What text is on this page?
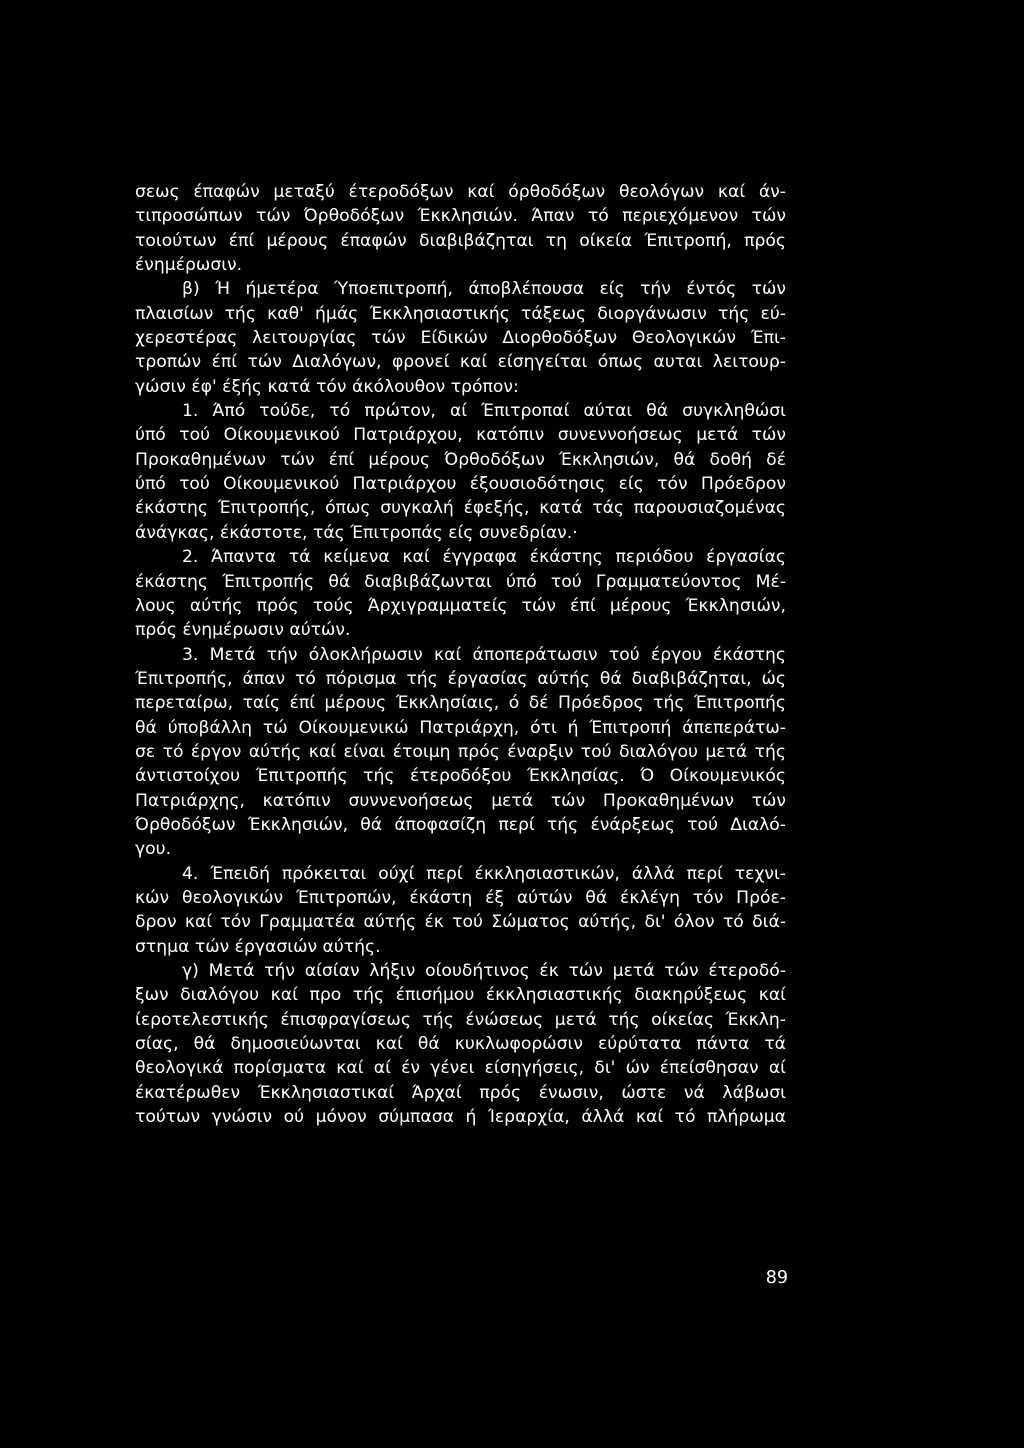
σεως έπαφών μεταξύ έτεροδόξων καί όρθοδόξων θεολόγων καί άν-
τιπροσώπων τών Όρθοδόξων Έκκλησιών. Άπαν τό περιεχόμενον τών
τοιούτων έπί μέρους έπαφών διαβιβάζηται τη οίκεία Έπιτροπή, πρός
ένημέρωσιν.
β) Ή ήμετέρα Ύποεπιτροπή, άποβλέπουσα είς τήν έντός τών
πλαισίων τής καθ' ήμάς Έκκλησιαστικής τάξεως διοργάνωσιν τής εύ-
χερεστέρας λειτουργίας τών Είδικών Διορθοδόξων Θεολογικών Έπι-
τροπών έπί τών Διαλόγων, φρονεί καί είσηγείται όπως αυται λειτουρ-
γώσιν έφ' έξής κατά τόν άκόλουθον τρόπον:
1. Άπό τούδε, τό πρώτον, αί Έπιτροπαί αύται θά συγκληθώσι
ύπό τού Οίκουμενικού Πατριάρχου, κατόπιν συνεννοήσεως μετά τών
Προκαθημένων τών έπί μέρους Όρθοδόξων Έκκλησιών, θά δοθή δέ
ύπό τού Οίκουμενικού Πατριάρχου έξουσιοδότησις είς τόν Πρόεδρον
έκάστης Έπιτροπής, όπως συγκαλή έφεξής, κατά τάς παρουσιαζομένας
άνάγκας, έκάστοτε, τάς Έπιτροπάς είς συνεδρίαν.·
2. Άπαντα τά κείμενα καί έγγραφα έκάστης περιόδου έργασίας
έκάστης Έπιτροπής θά διαβιβάζωνται ύπό τού Γραμματεύοντος Μέ-
λους αύτής πρός τούς Άρχιγραμματείς τών έπί μέρους Έκκλησιών,
πρός ένημέρωσιν αύτών.
3. Μετά τήν όλοκλήρωσιν καί άποπεράτωσιν τού έργου έκάστης
Έπιτροπής, άπαν τό πόρισμα τής έργασίας αύτής θά διαβιβάζηται, ώς
περεταίρω, ταίς έπί μέρους Έκκλησίαις, ό δέ Πρόεδρος τής Έπιτροπής
θά ύποβάλλη τώ Οίκουμενικώ Πατριάρχη, ότι ή Έπιτροπή άπεπεράτω-
σε τό έργον αύτής καί είναι έτοιμη πρός έναρξιν τού διαλόγου μετά τής
άντιστοίχου Έπιτροπής τής έτεροδόξου Έκκλησίας. Ό Οίκουμενικός
Πατριάρχης, κατόπιν συννενοήσεως μετά τών Προκαθημένων τών
Όρθοδόξων Έκκλησιών, θά άποφασίζη περί τής ένάρξεως τού Διαλό-
γου.
4. Έπειδή πρόκειται ούχί περί έκκλησιαστικών, άλλά περί τεχνι-
κών θεολογικών Έπιτροπών, έκάστη έξ αύτών θά έκλέγη τόν Πρόε-
δρον καί τόν Γραμματέα αύτής έκ τού Σώματος αύτής, δι' όλον τό διά-
στημα τών έργασιών αύτής.
γ) Μετά τήν αίσίαν λήξιν οίουδήτινος έκ τών μετά τών έτεροδό-
ξων διαλόγου καί προ τής έπισήμου έκκλησιαστικής διακηρύξεως καί
ίεροτελεστικής έπισφραγίσεως τής ένώσεως μετά τής οίκείας Έκκλη-
σίας, θά δημοσιεύωνται καί θά κυκλωφορώσιν εύρύτατα πάντα τά
θεολογικά πορίσματα καί αί έν γένει είσηγήσεις, δι' ών έπείσθησαν αί
έκατέρωθεν Έκκλησιαστικαί Άρχαί πρός ένωσιν, ώστε νά λάβωσι
τούτων γνώσιν ού μόνον σύμπασα ή Ίεραρχία, άλλά καί τό πλήρωμα
89
